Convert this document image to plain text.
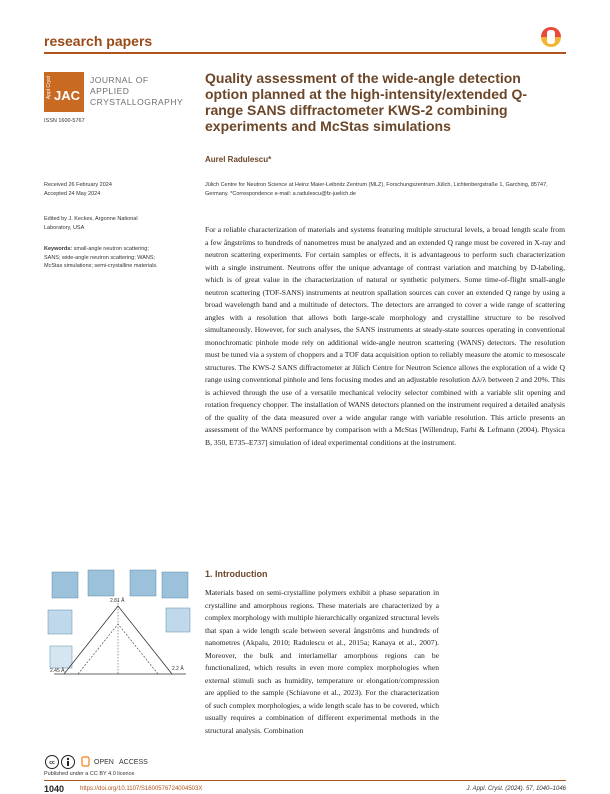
research papers
Appl Cryst JAC
JOURNAL OF
APPLIED
CRYSTALLOGRAPHY
ISSN 1600-5767
Quality assessment of the wide-angle detection option planned at the high-intensity/extended Q-range SANS diffractometer KWS-2 combining experiments and McStas simulations
Aurel Radulescu*
Jülich Centre for Neutron Science at Heinz Maier-Leibnitz Zentrum (MLZ), Forschungszentrum Jülich, Lichtenbergstraße 1, Garching, 85747, Germany. *Correspondence e-mail: a.radulescu@fz-juelich.de
Received 26 February 2024
Accepted 24 May 2024
Edited by J. Keckes, Argonne National
Laboratory, USA
Keywords: small-angle neutron scattering;
SANS; wide-angle neutron scattering; WANS;
McStas simulations; semi-crystalline materials.
For a reliable characterization of materials and systems featuring multiple structural levels, a broad length scale from a few ångströms to hundreds of nanometres must be analyzed and an extended Q range must be covered in X-ray and neutron scattering experiments. For certain samples or effects, it is advantageous to perform such characterization with a single instrument. Neutrons offer the unique advantage of contrast variation and matching by D-labeling, which is of great value in the characterization of natural or synthetic polymers. Some time-of-flight small-angle neutron scattering (TOF-SANS) instruments at neutron spallation sources can cover an extended Q range by using a broad wavelength band and a multitude of detectors. The detectors are arranged to cover a wide range of scattering angles with a resolution that allows both large-scale morphology and crystalline structure to be resolved simultaneously. However, for such analyses, the SANS instruments at steady-state sources operating in conventional monochromatic pinhole mode rely on additional wide-angle neutron scattering (WANS) detectors. The resolution must be tuned via a system of choppers and a TOF data acquisition option to reliably measure the atomic to mesoscale structures. The KWS-2 SANS diffractometer at Jülich Centre for Neutron Science allows the exploration of a wide Q range using conventional pinhole and lens focusing modes and an adjustable resolution Δλ/λ between 2 and 20%. This is achieved through the use of a versatile mechanical velocity selector combined with a variable slit opening and rotation frequency chopper. The installation of WANS detectors planned on the instrument required a detailed analysis of the quality of the data measured over a wide angular range with variable resolution. This article presents an assessment of the WANS performance by comparison with a McStas [Willendrup, Farhi & Lefmann (2004). Physica B, 350, E735–E737] simulation of ideal experimental conditions at the instrument.
1. Introduction
Materials based on semi-crystalline polymers exhibit a phase separation in crystalline and amorphous regions. These materials are characterized by a complex morphology with multiple hierarchically organized structural levels that span a wide length scale between several ångströms and hundreds of nanometres (Akpalu, 2010; Radulescu et al., 2015a; Kanaya et al., 2007). Moreover, the bulk and interlamellar amorphous regions can be functionalized, which results in even more complex morphologies when external stimuli such as humidity, temperature or elongation/compression are applied to the sample (Schiavone et al., 2023). For the characterization of such complex morphologies, a wide length scale has to be covered, which usually requires a combination of different experimental methods in the structural analysis. Combination
2.81 Å
2.45 Å	2.2 Å
cc	OPEN ACCESS
Published under a CC BY 4.0 licence
1040	https://doi.org/10.1107/S1600576724004503X	J. Appl. Cryst. (2024). 57, 1040–1046
